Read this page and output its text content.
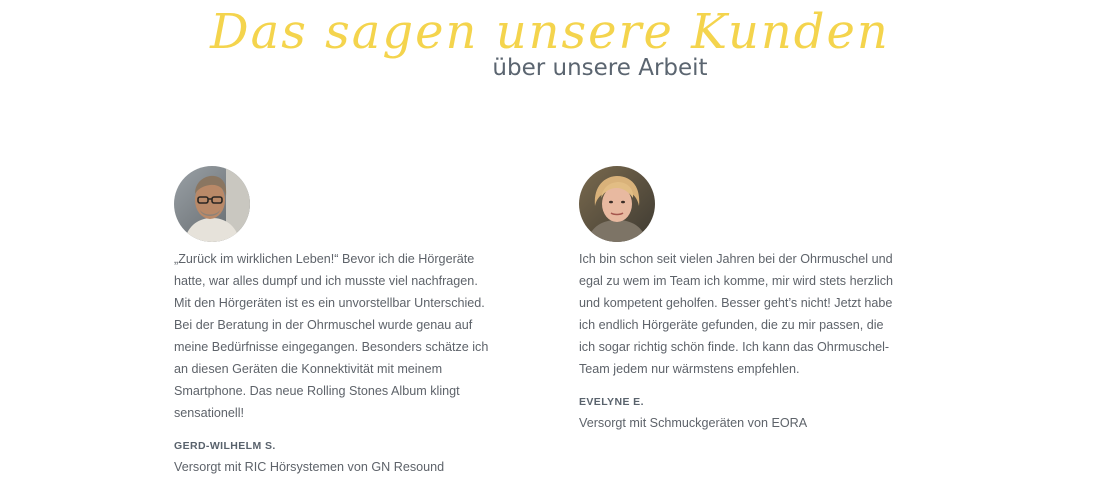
Das sagen unsere Kunden
über unsere Arbeit

„Zurück im wirklichen Leben!“ Bevor ich die Hörgeräte hatte, war alles dumpf und ich musste viel nachfragen. Mit den Hörgeräten ist es ein unvorstellbar Unterschied. Bei der Beratung in der Ohrmuschel wurde genau auf meine Bedürfnisse eingegangen. Besonders schätze ich an diesen Geräten die Konnektivität mit meinem Smartphone. Das neue Rolling Stones Album klingt sensationell!

GERD-WILHELM S.
Versorgt mit RIC Hörsystemen von GN Resound

Ich bin schon seit vielen Jahren bei der Ohrmuschel und egal zu wem im Team ich komme, mir wird stets herzlich und kompetent geholfen. Besser geht’s nicht! Jetzt habe ich endlich Hörgeräte gefunden, die zu mir passen, die ich sogar richtig schön finde. Ich kann das Ohrmuschel-Team jedem nur wärmstens empfehlen.

EVELYNE E.
Versorgt mit Schmuckgeräten von EORA
